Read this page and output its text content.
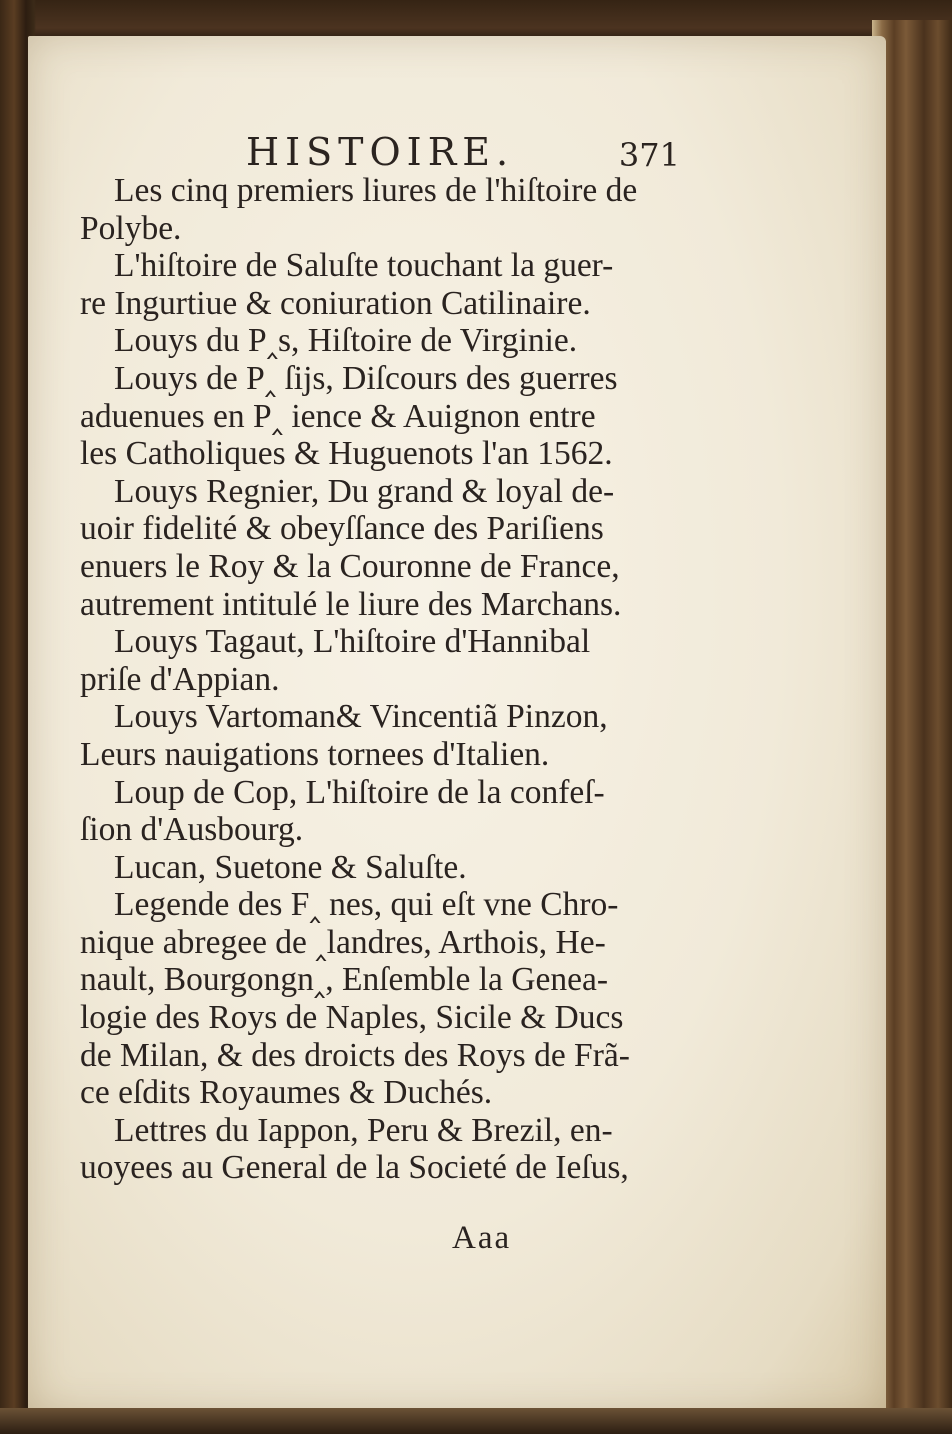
HISTOIRE.	371
Les cinq premiers liures de l'hiſtoire de
Polybe.
L'hiſtoire de Saluſte touchant la guer-
re Ingurtiue & coniuration Catilinaire.
Louys du P‸s, Hiſtoire de Virginie.
Louys de P‸ ſijs, Diſcours des guerres
aduenues en P‸ ience & Auignon entre
les Catholiques & Huguenots l'an 1562.
Louys Regnier, Du grand & loyal de-
uoir fidelité & obeyſſance des Pariſiens
enuers le Roy & la Couronne de France,
autrement intitulé le liure des Marchans.
Louys Tagaut, L'hiſtoire d'Hannibal
priſe d'Appian.
Louys Vartoman& Vincentiã Pinzon,
Leurs nauigations tornees d'Italien.
Loup de Cop, L'hiſtoire de la confeſ-
ſion d'Ausbourg.
Lucan, Suetone & Saluſte.
Legende des F‸ nes, qui eſt vne Chro-
nique abregee de ‸landres, Arthois, He-
nault, Bourgongn‸, Enſemble la Genea-
logie des Roys de Naples, Sicile & Ducs
de Milan, & des droicts des Roys de Frã-
ce eſdits Royaumes & Duchés.
Lettres du Iappon, Peru & Brezil, en-
uoyees au General de la Societé de Ieſus,
Aaa
